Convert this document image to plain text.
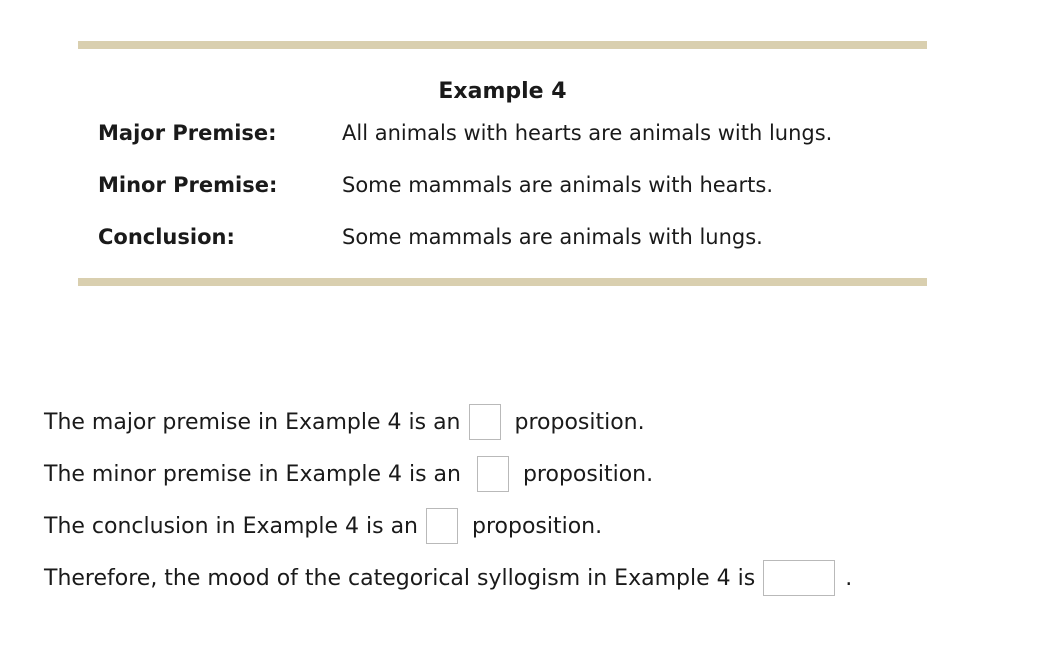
Example 4
Major Premise:	All animals with hearts are animals with lungs.
Minor Premise:	Some mammals are animals with hearts.
Conclusion:	Some mammals are animals with lungs.
The major premise in Example 4 is an proposition.
The minor premise in Example 4 is an	proposition.
The conclusion in Example 4 is an proposition.
Therefore, the mood of the categorical syllogism in Example 4 is	.
